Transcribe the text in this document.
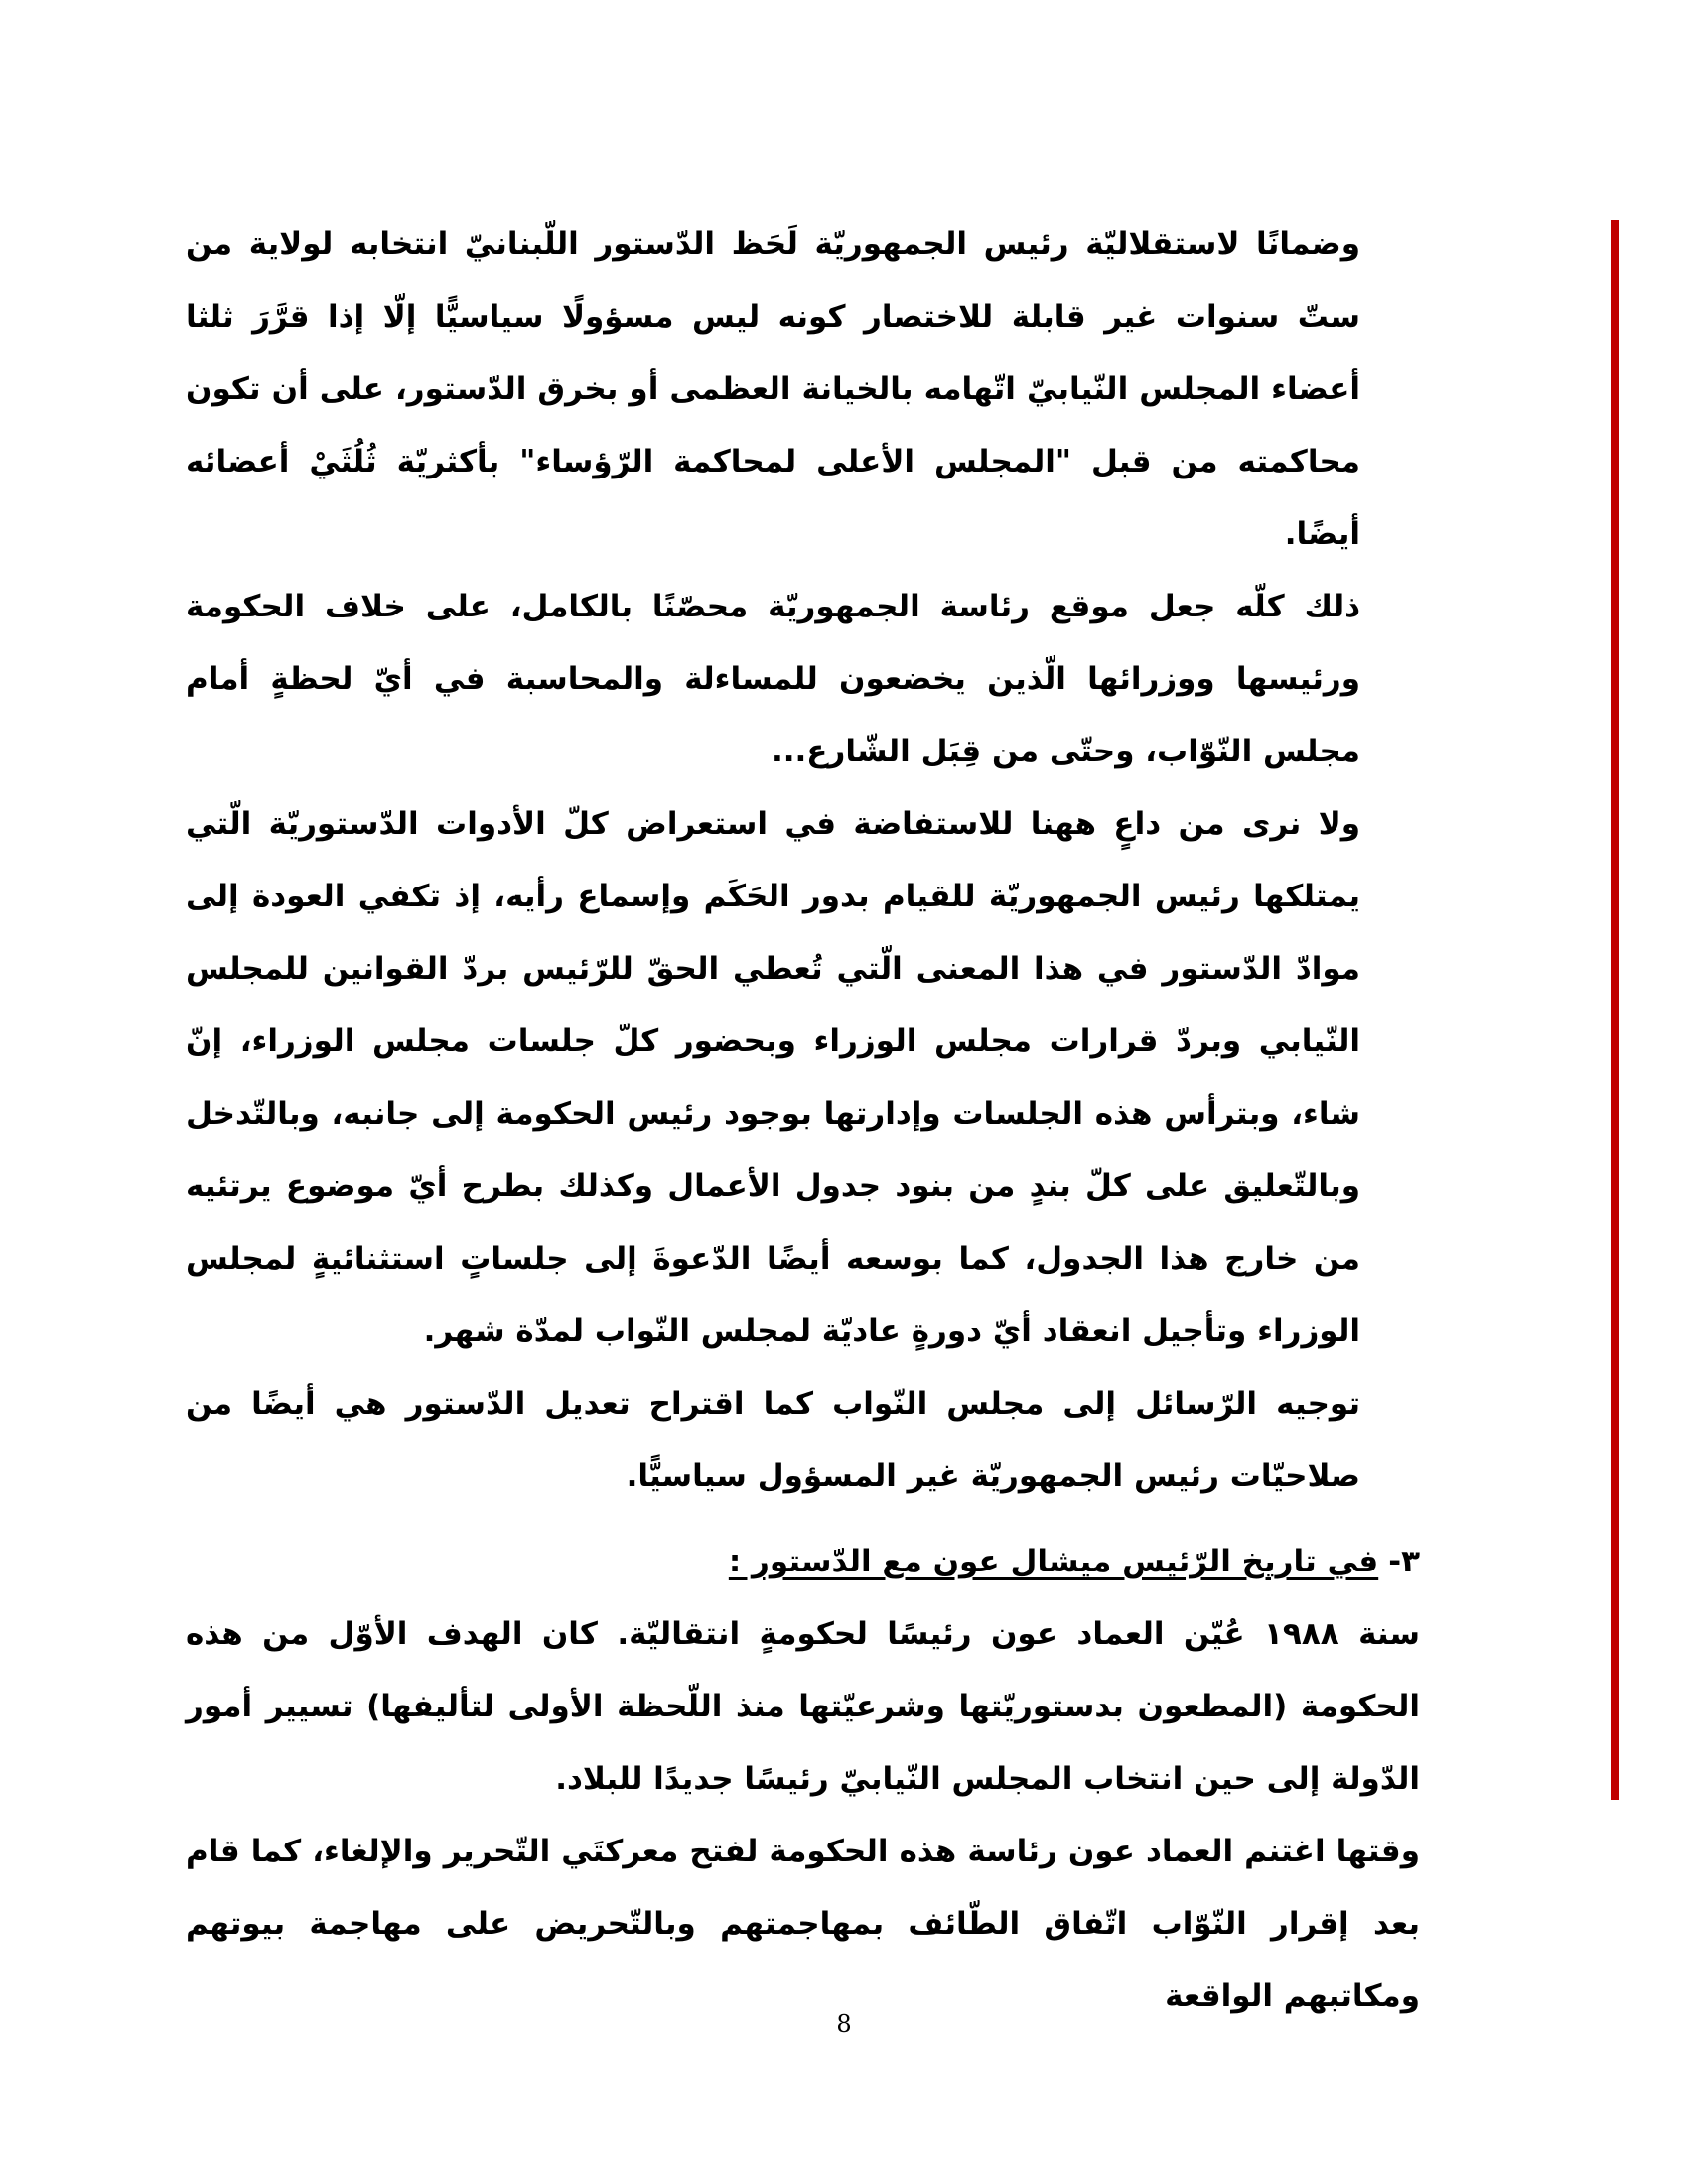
وضمانًا لاستقلاليّة رئيس الجمهوريّة لَحَظ الدّستور اللّبنانيّ انتخابه لولاية من ستّ سنوات غير قابلة للاختصار كونه ليس مسؤولًا سياسيًّا إلّا إذا قرَّرَ ثلثا أعضاء المجلس النّيابيّ اتّهامه بالخيانة العظمى أو بخرق الدّستور، على أن تكون محاكمته من قبل "المجلس الأعلى لمحاكمة الرّؤساء" بأكثريّة ثُلُثَيْ أعضائه أيضًا.

ذلك كلّه جعل موقع رئاسة الجمهوريّة محصّنًا بالكامل، على خلاف الحكومة ورئيسها ووزرائها الّذين يخضعون للمساءلة والمحاسبة في أيّ لحظةٍ أمام مجلس النّوّاب، وحتّى من قِبَل الشّارع...

ولا نرى من داعٍ ههنا للاستفاضة في استعراض كلّ الأدوات الدّستوريّة الّتي يمتلكها رئيس الجمهوريّة للقيام بدور الحَكَم وإسماع رأيه، إذ تكفي العودة إلى موادّ الدّستور في هذا المعنى الّتي تُعطي الحقّ للرّئيس بردّ القوانين للمجلس النّيابي وبردّ قرارات مجلس الوزراء وبحضور كلّ جلسات مجلس الوزراء، إنّ شاء، وبترأس هذه الجلسات وإدارتها بوجود رئيس الحكومة إلى جانبه، وبالتّدخل وبالتّعليق على كلّ بندٍ من بنود جدول الأعمال وكذلك بطرح أيّ موضوع يرتئيه من خارج هذا الجدول، كما بوسعه أيضًا الدّعوةَ إلى جلساتٍ استثنائيةٍ لمجلس الوزراء وتأجيل انعقاد أيّ دورةٍ عاديّة لمجلس النّواب لمدّة شهر.

توجيه الرّسائل إلى مجلس النّواب كما اقتراح تعديل الدّستور هي أيضًا من صلاحيّات رئيس الجمهوريّة غير المسؤول سياسيًّا.

٣-في تاريخ الرّئيس ميشال عون مع الدّستور :

سنة ١٩٨٨ عُيّن العماد عون رئيسًا لحكومةٍ انتقاليّة. كان الهدف الأوّل من هذه الحكومة (المطعون بدستوريّتها وشرعيّتها منذ اللّحظة الأولى لتأليفها) تسيير أمور الدّولة إلى حين انتخاب المجلس النّيابيّ رئيسًا جديدًا للبلاد.

وقتها اغتنم العماد عون رئاسة هذه الحكومة لفتح معركتَي التّحرير والإلغاء، كما قام بعد إقرار النّوّاب اتّفاق الطّائف بمهاجمتهم وبالتّحريض على مهاجمة بيوتهم ومكاتبهم الواقعة

8
